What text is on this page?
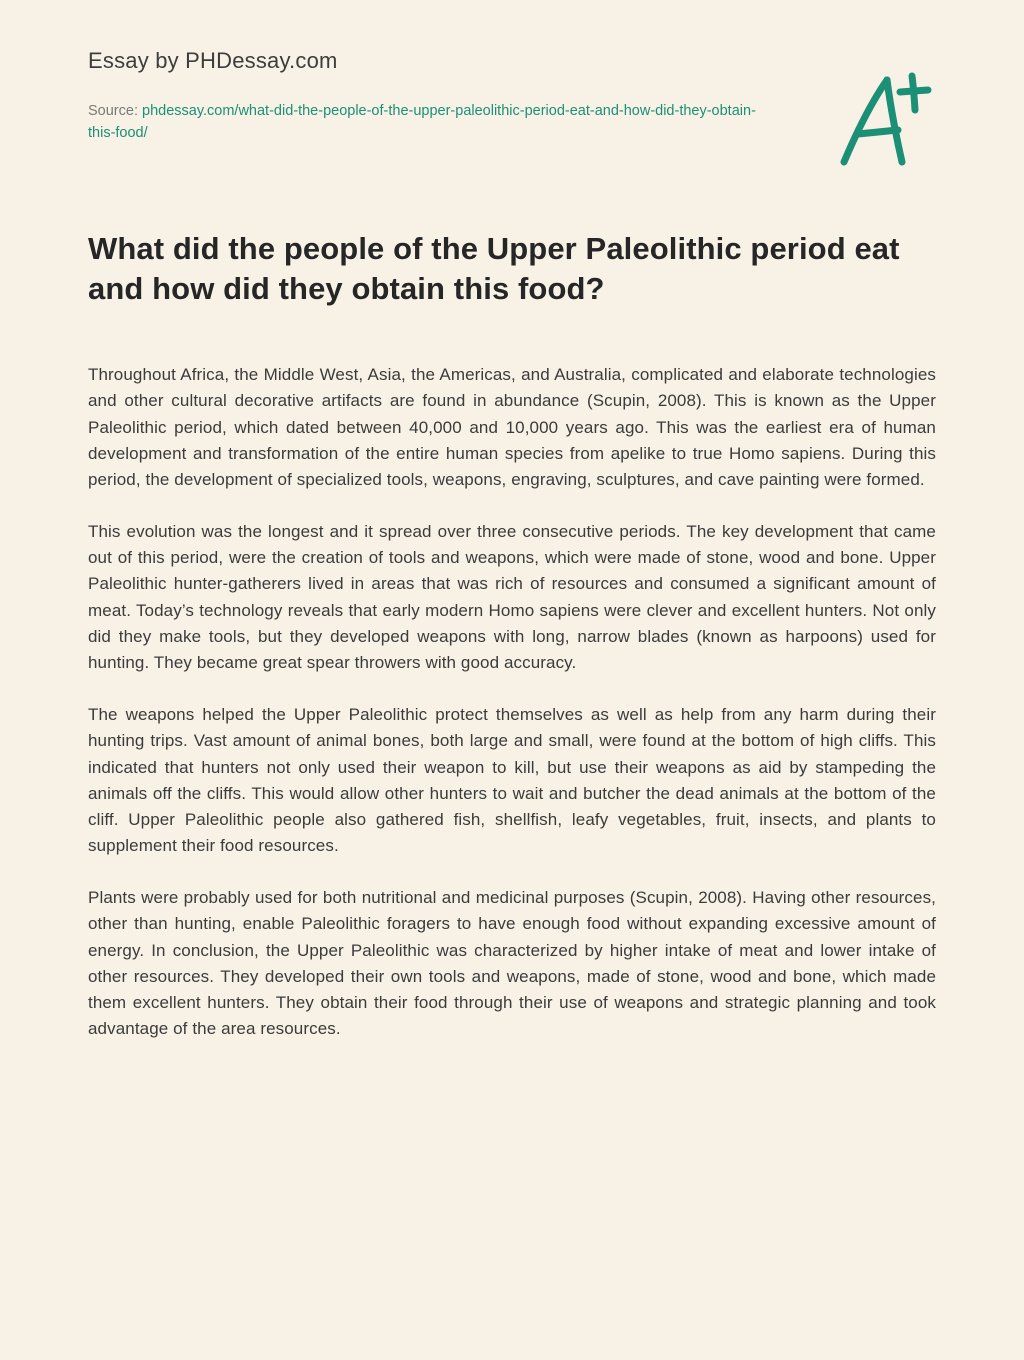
Essay by PHDessay.com
Source: phdessay.com/what-did-the-people-of-the-upper-paleolithic-period-eat-and-how-did-they-obtain-this-food/
What did the people of the Upper Paleolithic period eat and how did they obtain this food?

Throughout Africa, the Middle West, Asia, the Americas, and Australia, complicated and elaborate technologies and other cultural decorative artifacts are found in abundance (Scupin, 2008). This is known as the Upper Paleolithic period, which dated between 40,000 and 10,000 years ago. This was the earliest era of human development and transformation of the entire human species from apelike to true Homo sapiens. During this period, the development of specialized tools, weapons, engraving, sculptures, and cave painting were formed.

This evolution was the longest and it spread over three consecutive periods. The key development that came out of this period, were the creation of tools and weapons, which were made of stone, wood and bone. Upper Paleolithic hunter-gatherers lived in areas that was rich of resources and consumed a significant amount of meat. Today’s technology reveals that early modern Homo sapiens were clever and excellent hunters. Not only did they make tools, but they developed weapons with long, narrow blades (known as harpoons) used for hunting. They became great spear throwers with good accuracy.

The weapons helped the Upper Paleolithic protect themselves as well as help from any harm during their hunting trips. Vast amount of animal bones, both large and small, were found at the bottom of high cliffs. This indicated that hunters not only used their weapon to kill, but use their weapons as aid by stampeding the animals off the cliffs. This would allow other hunters to wait and butcher the dead animals at the bottom of the cliff. Upper Paleolithic people also gathered fish, shellfish, leafy vegetables, fruit, insects, and plants to supplement their food resources.

Plants were probably used for both nutritional and medicinal purposes (Scupin, 2008). Having other resources, other than hunting, enable Paleolithic foragers to have enough food without expanding excessive amount of energy. In conclusion, the Upper Paleolithic was characterized by higher intake of meat and lower intake of other resources. They developed their own tools and weapons, made of stone, wood and bone, which made them excellent hunters. They obtain their food through their use of weapons and strategic planning and took advantage of the area resources.
